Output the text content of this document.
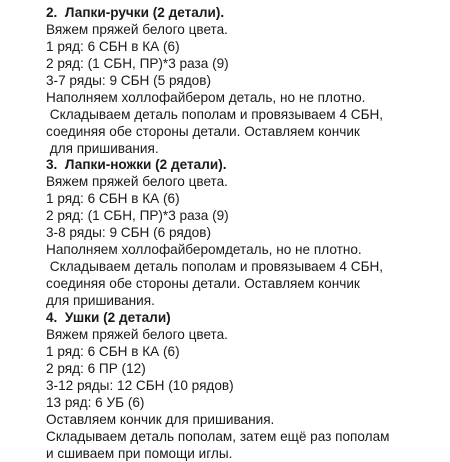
2.  Лапки-ручки (2 детали).
Вяжем пряжей белого цвета.
1 ряд: 6 СБН в КА (6)
2 ряд: (1 СБН, ПР)*3 раза (9)
3-7 ряды: 9 СБН (5 рядов)
Наполняем холлофайбером деталь, но не плотно.
Складываем деталь пополам и провязываем 4 СБН,
соединяя обе стороны детали. Оставляем кончик
для пришивания.
3.  Лапки-ножки (2 детали).
Вяжем пряжей белого цвета.
1 ряд: 6 СБН в КА (6)
2 ряд: (1 СБН, ПР)*3 раза (9)
3-8 ряды: 9 СБН (6 рядов)
Наполняем холлофайберомдеталь, но не плотно.
Складываем деталь пополам и провязываем 4 СБН,
соединяя обе стороны детали. Оставляем кончик
для пришивания.
4.  Ушки (2 детали)
Вяжем пряжей белого цвета.
1 ряд: 6 СБН в КА (6)
2 ряд: 6 ПР (12)
3-12 ряды: 12 СБН (10 рядов)
13 ряд: 6 УБ (6)
Оставляем кончик для пришивания.
Складываем деталь пополам, затем ещё раз пополам
и сшиваем при помощи иглы.
